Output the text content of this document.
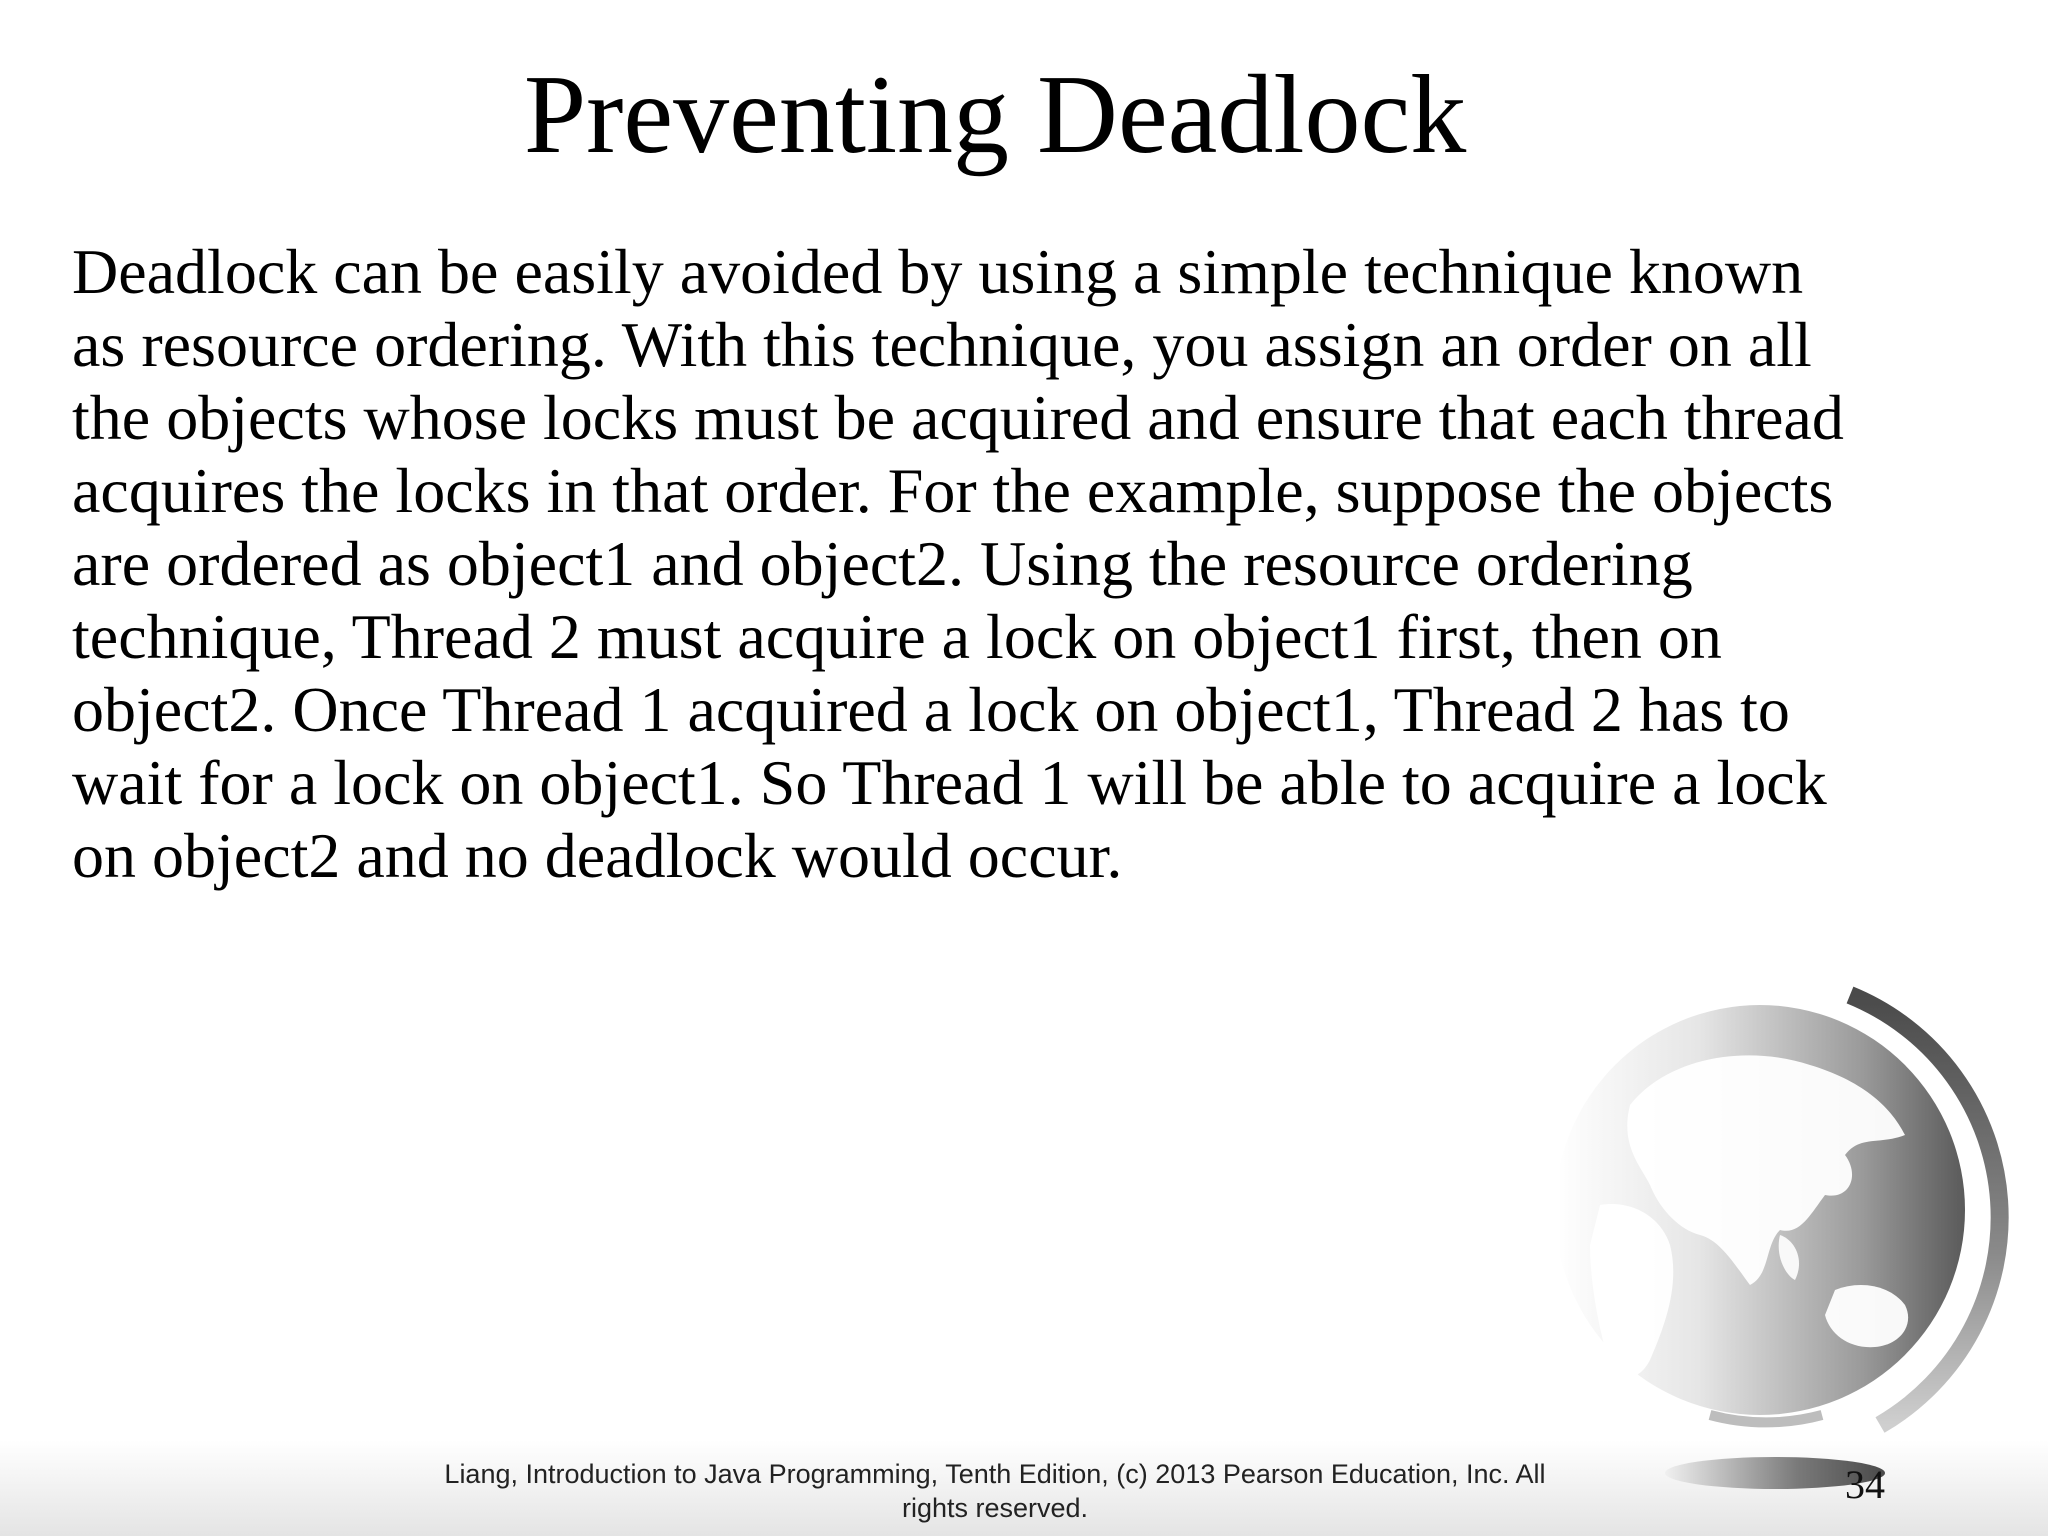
Preventing Deadlock
Deadlock can be easily avoided by using a simple technique known
as resource ordering. With this technique, you assign an order on all
the objects whose locks must be acquired and ensure that each thread
acquires the locks in that order. For the example, suppose the objects
are ordered as object1 and object2. Using the resource ordering
technique, Thread 2 must acquire a lock on object1 first, then on
object2. Once Thread 1 acquired a lock on object1, Thread 2 has to
wait for a lock on object1. So Thread 1 will be able to acquire a lock
on object2 and no deadlock would occur.
Liang, Introduction to Java Programming, Tenth Edition, (c) 2013 Pearson Education, Inc. All
rights reserved.
34
